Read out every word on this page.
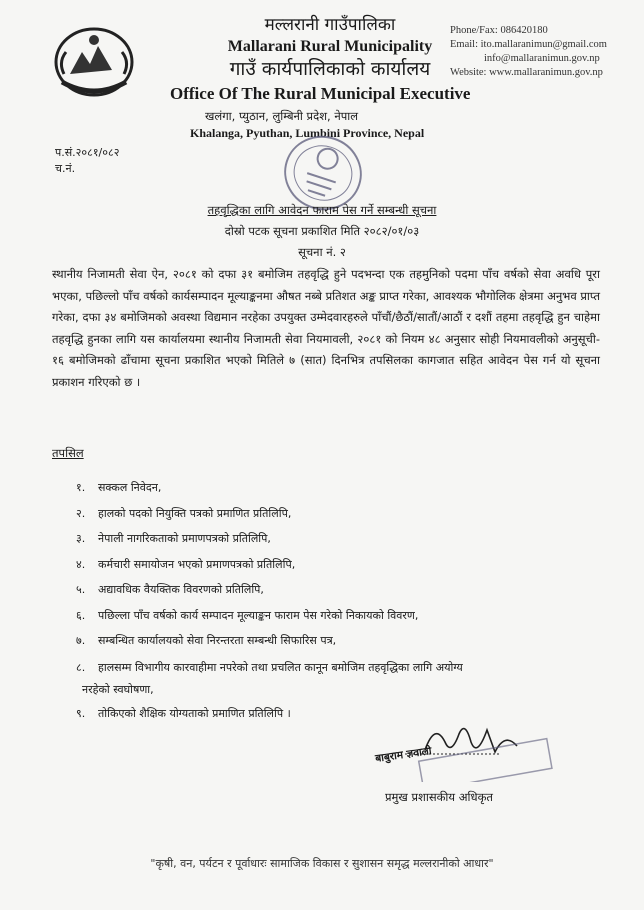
मल्लरानी गाउँपालिका
Mallarani Rural Municipality
गाउँ कार्यपालिकाको कार्यालय
Office Of The Rural Municipal Executive
खलंगा, प्युठान, लुम्बिनी प्रदेश, नेपाल
Khalanga, Pyuthan, Lumbini Province, Nepal
Phone/Fax: 086420180
Email: ito.mallaranimun@gmail.com
info@mallaranimun.gov.np
Website: www.mallaranimun.gov.np
प.सं.२०८१/०८२
च.नं.
तहवृद्धिका लागि आवेदन फाराम पेस गर्ने सम्बन्धी सूचना
दोस्रो पटक सूचना प्रकाशित मिति २०८२/०१/०३
सूचना नं. २
स्थानीय निजामती सेवा ऐन, २०८१ को दफा ३१ बमोजिम तहवृद्धि हुने पदभन्दा एक तहमुनिको पदमा पाँच वर्षको सेवा अवधि पूरा भएका, पछिल्लो पाँच वर्षको कार्यसम्पादन मूल्याङ्कनमा औषत नब्बे प्रतिशत अङ्क प्राप्त गरेका, आवश्यक भौगोलिक क्षेत्रमा अनुभव प्राप्त गरेका, दफा ३४ बमोजिमको अवस्था विद्यमान नरहेका उपयुक्त उम्मेदवारहरुले पाँचौं/छैठौं/सातौं/आठौं र दशौं तहमा तहवृद्धि हुन चाहेमा तहवृद्धि हुनका लागि यस कार्यालयमा स्थानीय निजामती सेवा नियमावली, २०८१ को नियम ४८ अनुसार सोही नियमावलीको अनुसूची- १६ बमोजिमको ढाँचामा सूचना प्रकाशित भएको मितिले ७ (सात) दिनभित्र तपसिलका कागजात सहित आवेदन पेस गर्न यो सूचना प्रकाशन गरिएको छ ।
तपसिल
१. सक्कल निवेदन,
२. हालको पदको नियुक्ति पत्रको प्रमाणित प्रतिलिपि,
३. नेपाली नागरिकताको प्रमाणपत्रको प्रतिलिपि,
४. कर्मचारी समायोजन भएको प्रमाणपत्रको प्रतिलिपि,
५. अद्यावधिक वैयक्तिक विवरणको प्रतिलिपि,
६. पछिल्ला पाँच वर्षको कार्य सम्पादन मूल्याङ्कन फाराम पेस गरेको निकायको विवरण,
७. सम्बन्धित कार्यालयको सेवा निरन्तरता सम्बन्धी सिफारिस पत्र,
८. हालसम्म विभागीय कारवाहीमा नपरेको तथा प्रचलित कानून बमोजिम तहवृद्धिका लागि अयोग्य
नरहेको स्वघोषणा,
९. तोकिएको शैक्षिक योग्यताको प्रमाणित प्रतिलिपि ।
बाबुराम ज्ञवाली
प्रमुख प्रशासकीय अधिकृत
"कृषी, वन, पर्यटन र पूर्वाधारः सामाजिक विकास र सुशासन समृद्ध मल्लरानीको आधार"
